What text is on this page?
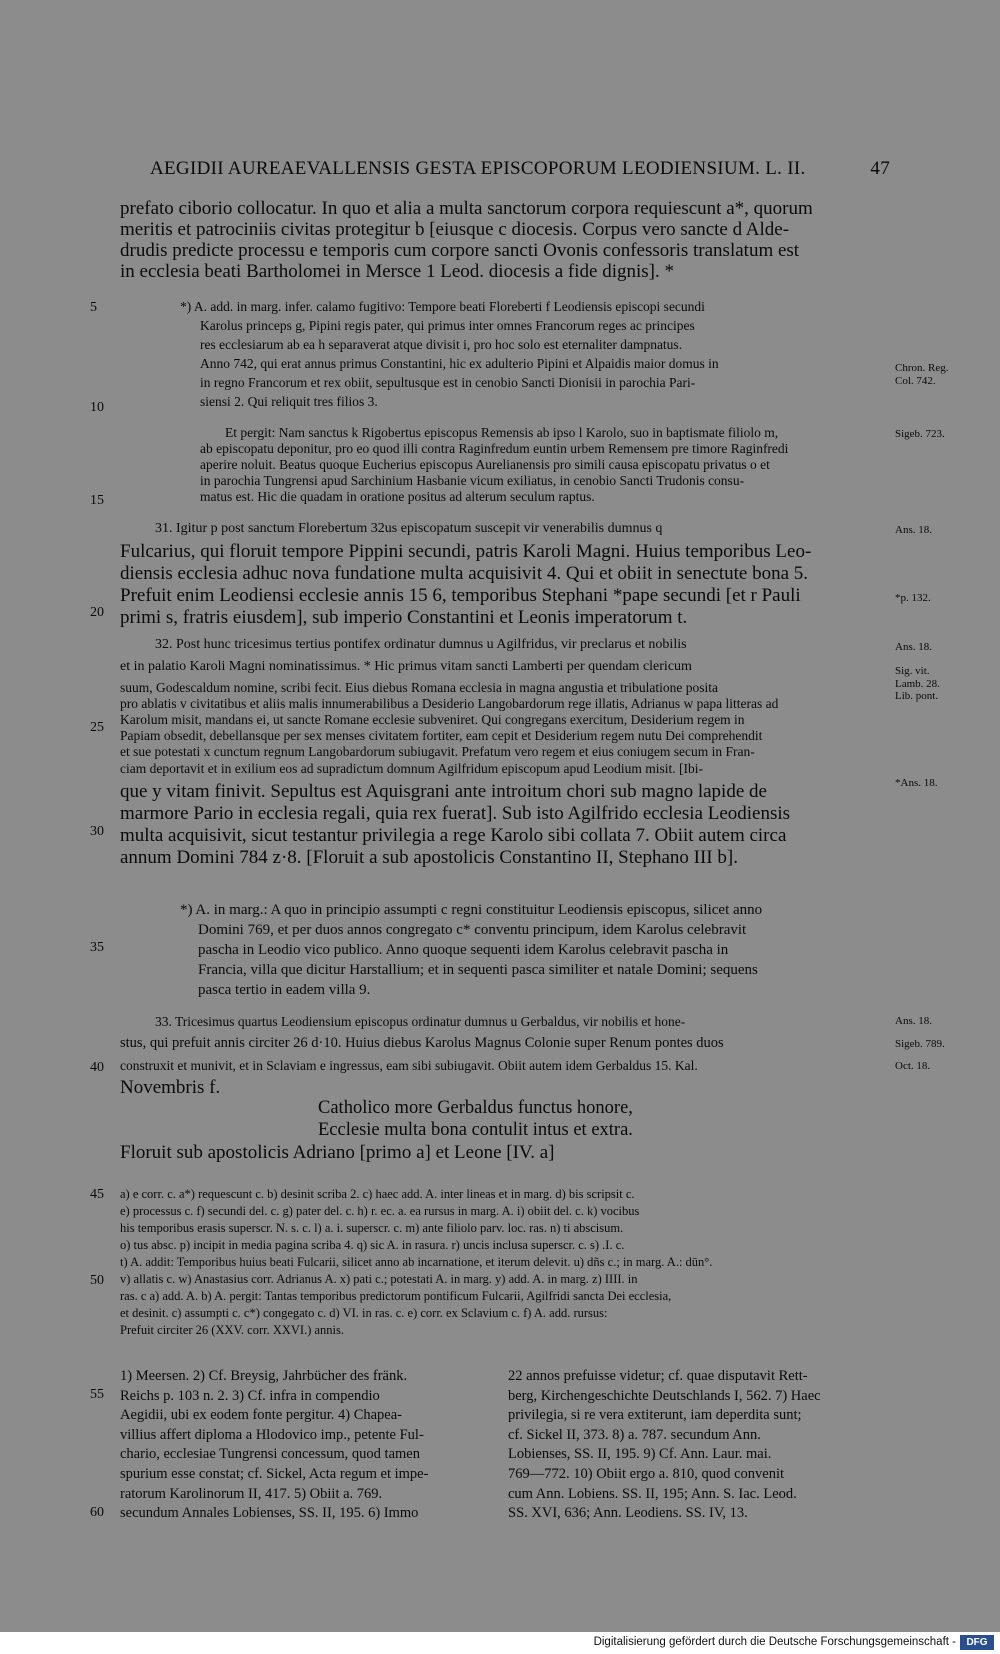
AEGIDII AUREAEVALLENSIS GESTA EPISCOPORUM LEODIENSIUM. L. II.	47
prefato ciborio collocatur. In quo et alia a multa sanctorum corpora requiescunt a*, quorum
meritis et patrociniis civitas protegitur b [eiusque c diocesis. Corpus vero sancte d Alde-
drudis predicte processu e temporis cum corpore sancti Ovonis confessoris translatum est
in ecclesia beati Bartholomei in Mersce 1 Leod. diocesis a fide dignis]. *
*) A. add. in marg. infer. calamo fugitivo: Tempore beati Floreberti f Leodiensis episcopi secundi
Karolus princeps g, Pipini regis pater, qui primus inter omnes Francorum reges ac principes
res ecclesiarum ab ea h separaverat atque divisit i, pro hoc solo est eternaliter dampnatus.
Anno 742, qui erat annus primus Constantini, hic ex adulterio Pipini et Alpaidis maior domus in
in regno Francorum et rex obiit, sepultusque est in cenobio Sancti Dionisii in parochia Pari-
siensi 2. Qui reliquit tres filios 3.
Et pergit: Nam sanctus k Rigobertus episcopus Remensis ab ipso l Karolo, suo in baptismate filiolo m,
ab episcopatu deponitur, pro eo quod illi contra Raginfredum euntin urbem Remensem pre timore Raginfredi
aperire noluit. Beatus quoque Eucherius episcopus Aurelianensis pro simili causa episcopatu privatus o et
in parochia Tungrensi apud Sarchinium Hasbanie vicum exiliatus, in cenobio Sancti Trudonis consu-
matus est. Hic die quadam in oratione positus ad alterum seculum raptus.
31. Igitur p post sanctum Florebertum 32us episcopatum suscepit vir venerabilis dumnus q
Fulcarius, qui floruit tempore Pippini secundi, patris Karoli Magni. Huius temporibus Leo-
diensis ecclesia adhuc nova fundatione multa acquisivit 4. Qui et obiit in senectute bona 5.
Prefuit enim Leodiensi ecclesie annis 15 6, temporibus Stephani *pape secundi [et r Pauli
primi s, fratris eiusdem], sub imperio Constantini et Leonis imperatorum t.
32. Post hunc tricesimus tertius pontifex ordinatur dumnus u Agilfridus, vir preclarus et nobilis
et in palatio Karoli Magni nominatissimus. * Hic primus vitam sancti Lamberti per quendam clericum
suum, Godescaldum nomine, scribi fecit. Eius diebus Romana ecclesia in magna angustia et tribulatione posita
pro ablatis v civitatibus et aliis malis innumerabilibus a Desiderio Langobardorum rege illatis, Adrianus w papa litteras ad
Karolum misit, mandans ei, ut sancte Romane ecclesie subveniret. Qui congregans exercitum, Desiderium regem in
Papiam obsedit, debellansque per sex menses civitatem fortiter, eam cepit et Desiderium regem nutu Dei comprehendit
et sue potestati x cunctum regnum Langobardorum subiugavit. Prefatum vero regem et eius coniugem secum in Fran-
ciam deportavit et in exilium eos ad supradictum domnum Agilfridum episcopum apud Leodium misit. [Ibi-
que y vitam finivit. Sepultus est Aquisgrani ante introitum chori sub magno lapide de
marmore Pario in ecclesia regali, quia rex fuerat]. Sub isto Agilfrido ecclesia Leodiensis
multa acquisivit, sicut testantur privilegia a rege Karolo sibi collata 7. Obiit autem circa
annum Domini 784 z·8. [Floruit a sub apostolicis Constantino II, Stephano III b].
*) A. in marg.: A quo in principio assumpti c regni constituitur Leodiensis episcopus, silicet anno
Domini 769, et per duos annos congregato c* conventu principum, idem Karolus celebravit
pascha in Leodio vico publico. Anno quoque sequenti idem Karolus celebravit pascha in
Francia, villa que dicitur Harstallium; et in sequenti pasca similiter et natale Domini; sequens
pasca tertio in eadem villa 9.
33. Tricesimus quartus Leodiensium episcopus ordinatur dumnus u Gerbaldus, vir nobilis et hone-
stus, qui prefuit annis circiter 26 d·10. Huius diebus Karolus Magnus Colonie super Renum pontes duos
construxit et munivit, et in Sclaviam e ingressus, eam sibi subiugavit. Obiit autem idem Gerbaldus 15. Kal.
Novembris f.
Catholico more Gerbaldus functus honore,
Ecclesie multa bona contulit intus et extra.
Floruit sub apostolicis Adriano [primo a] et Leone [IV. a]
a) e corr. c. a*) requescunt c. b) desinit scriba 2. c) haec add. A. inter lineas et in marg. d) bis scripsit c.
e) processus c. f) secundi del. c. g) pater del. c. h) r. ec. a. ea rursus in marg. A. i) obiit del. c. k) vocibus
his temporibus erasis superscr. N. s. c. l) a. i. superscr. c. m) ante filiolo parv. loc. ras. n) ti abscisum.
o) tus absc. p) incipit in media pagina scriba 4. q) sic A. in rasura. r) uncis inclusa superscr. c. s) .I. c.
t) A. addit: Temporibus huius beati Fulcarii, silicet anno ab incarnatione, et iterum delevit. u) dñs c.; in marg. A.: dūn°.
v) allatis c. w) Anastasius corr. Adrianus A. x) pati c.; potestati A. in marg. y) add. A. in marg. z) IIII. in
ras. c a) add. A. b) A. pergit: Tantas temporibus predictorum pontificum Fulcarii, Agilfridi sancta Dei ecclesia,
et desinit. c) assumpti c. c*) congegato c. d) VI. in ras. c. e) corr. ex Sclavium c. f) A. add. rursus:
Prefuit circiter 26 (XXV. corr. XXVI.) annis.
1) Meersen. 2) Cf. Breysig, Jahrbücher des fränk.
Reichs p. 103 n. 2. 3) Cf. infra in compendio
Aegidii, ubi ex eodem fonte pergitur. 4) Chapea-
villius affert diploma a Hlodovico imp., petente Ful-
chario, ecclesiae Tungrensi concessum, quod tamen
spurium esse constat; cf. Sickel, Acta regum et impe-
ratorum Karolinorum II, 417. 5) Obiit a. 769.
secundum Annales Lobienses, SS. II, 195. 6) Immo
22 annos prefuisse videtur; cf. quae disputavit Rett-
berg, Kirchengeschichte Deutschlands I, 562. 7) Haec
privilegia, si re vera extiterunt, iam deperdita sunt;
cf. Sickel II, 373. 8) a. 787. secundum Ann.
Lobienses, SS. II, 195. 9) Cf. Ann. Laur. mai.
769—772. 10) Obiit ergo a. 810, quod convenit
cum Ann. Lobiens. SS. II, 195; Ann. S. Iac. Leod.
SS. XVI, 636; Ann. Leodiens. SS. IV, 13.
5
10
15
20
25
30
35
40
45
50
55
60
Chron. Reg.
Col. 742.
Sigeb. 723.
Ans. 18.
*p. 132.
Ans. 18.
Sig. vit.
Lamb. 28.
Lib. pont.
*Ans. 18.
Ans. 18.
Sigeb. 789.
Oct. 18.
Digitalisierung gefördert durch die Deutsche Forschungsgemeinschaft -	DFG
